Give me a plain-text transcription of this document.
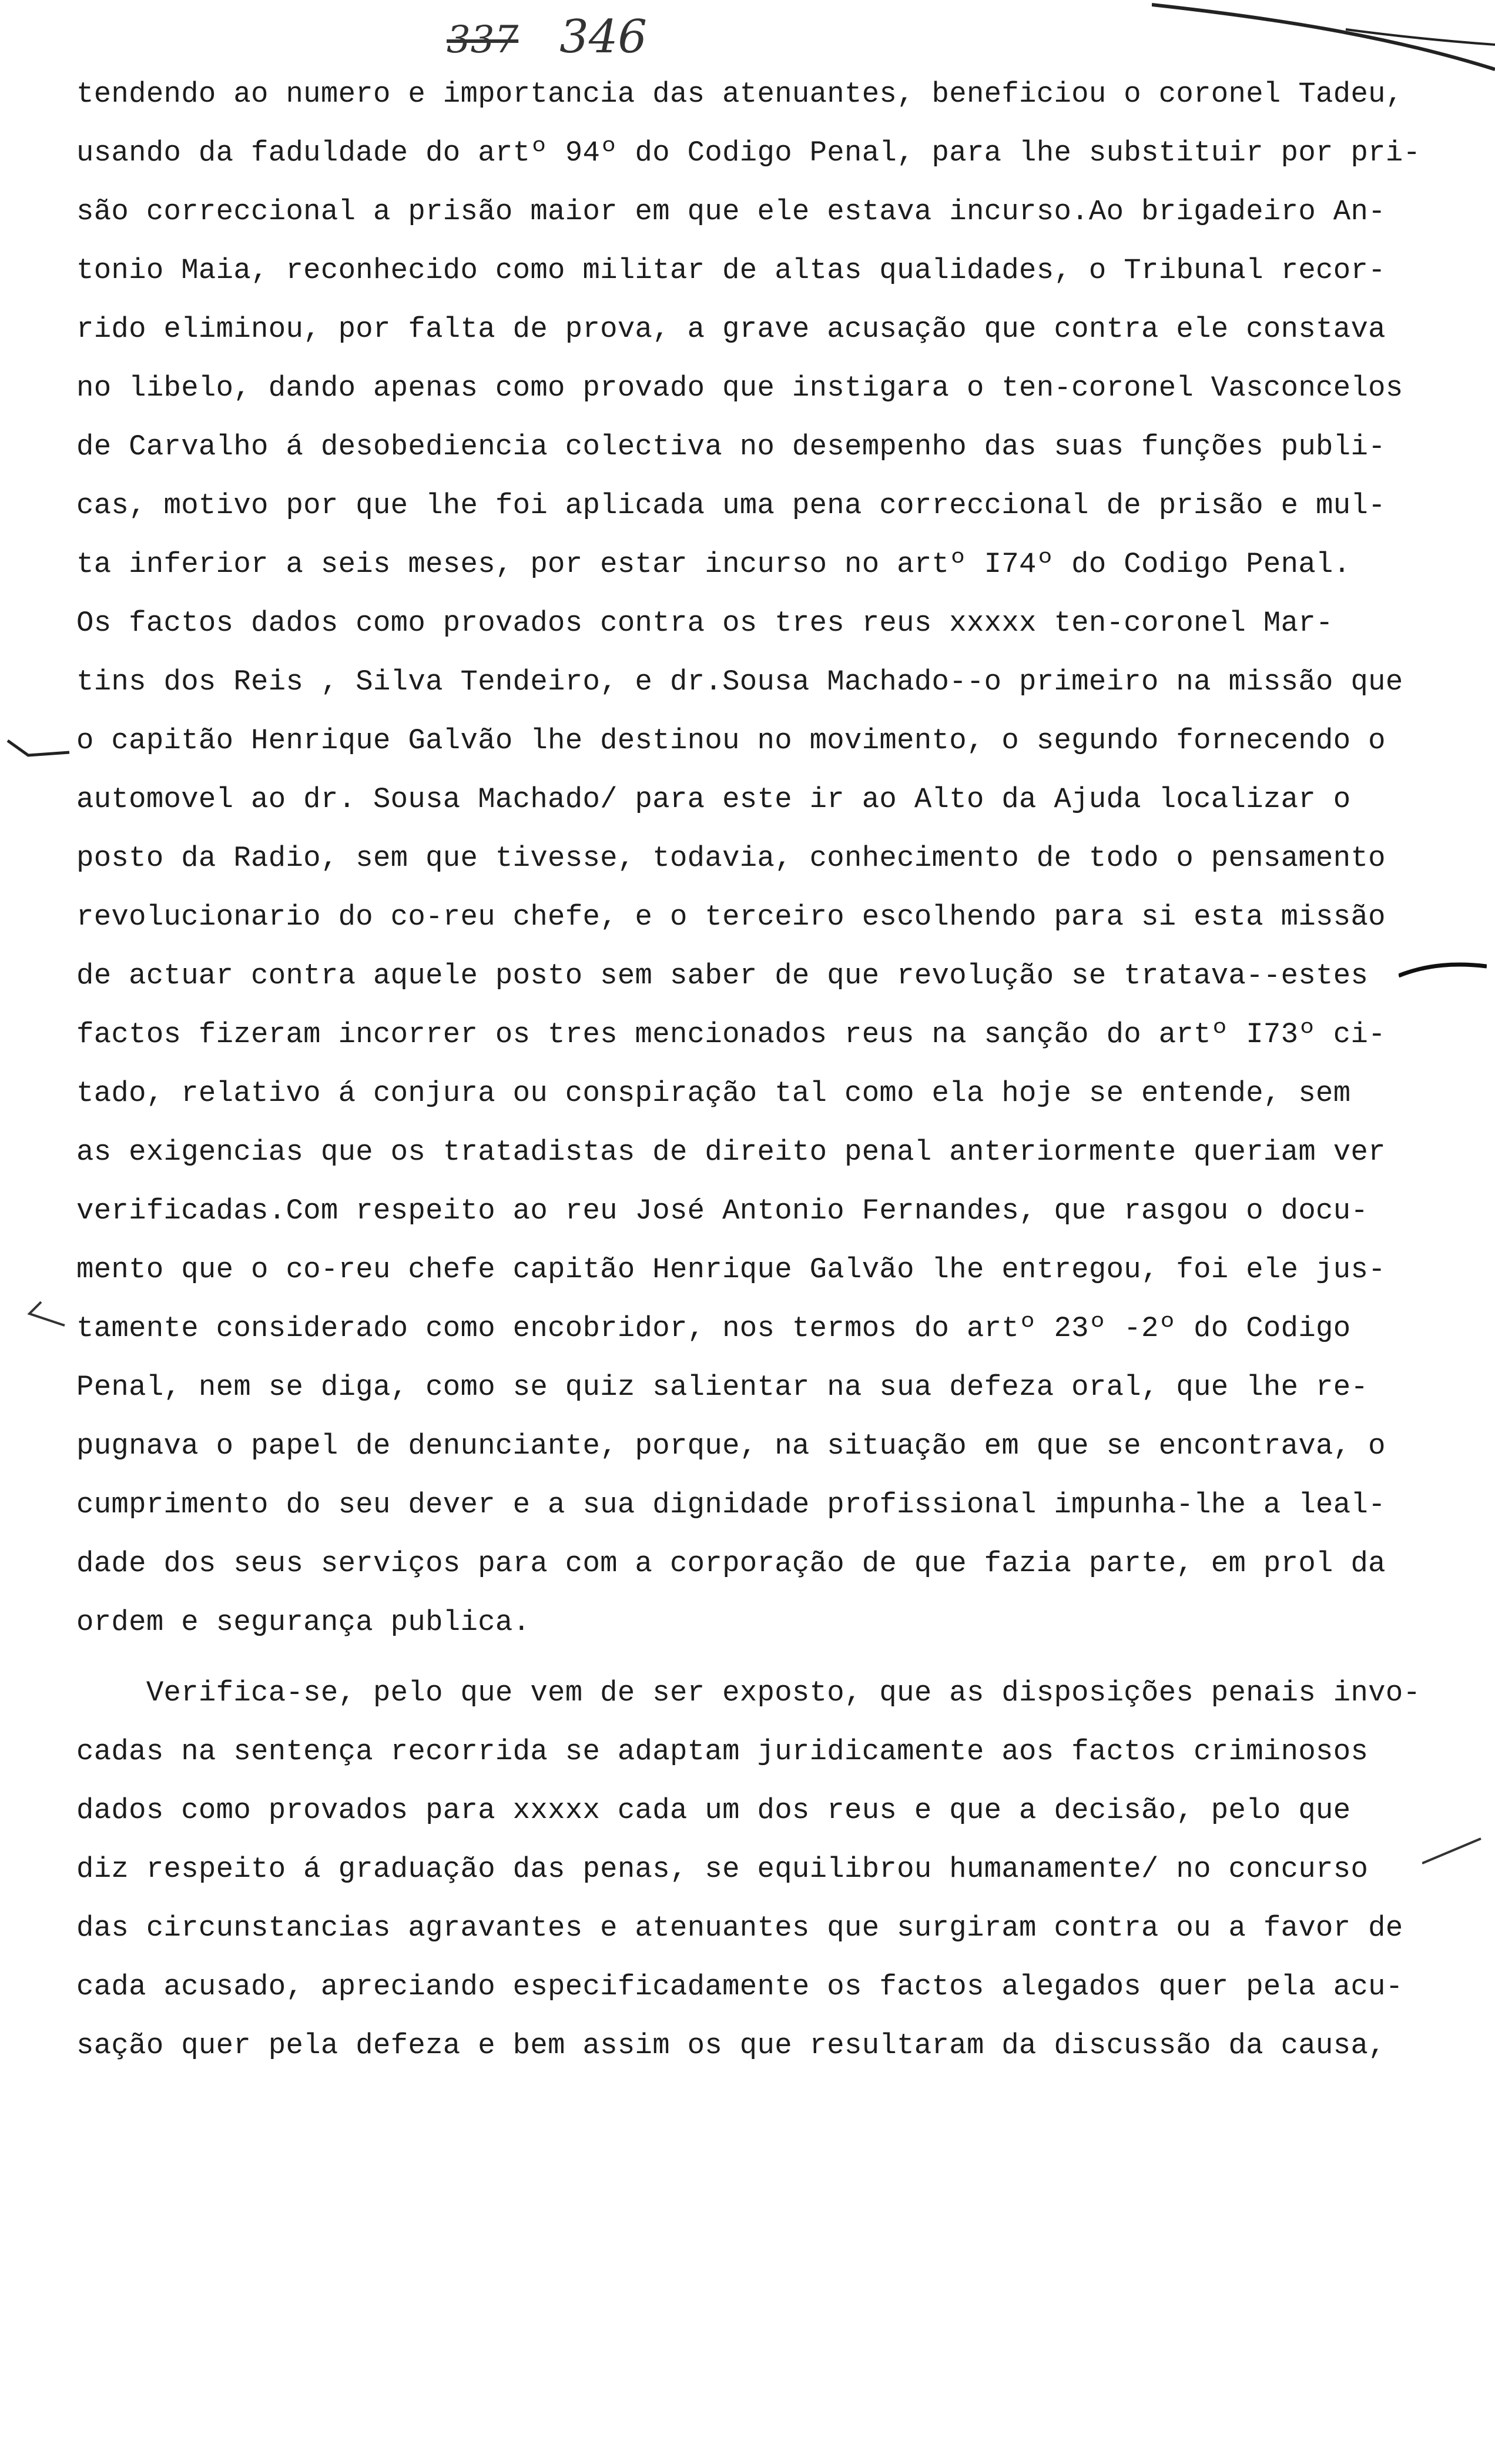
337 346
tendendo ao numero e importancia das atenuantes, beneficiou o coronel Tadeu,
usando da faduldade do artº 94º do Codigo Penal, para lhe substituir por pri-
são correccional a prisão maior em que ele estava incurso.Ao brigadeiro An-
tonio Maia, reconhecido como militar de altas qualidades, o Tribunal recor-
rido eliminou, por falta de prova, a grave acusação que contra ele constava
no libelo, dando apenas como provado que instigara o ten-coronel Vasconcelos
de Carvalho á desobediencia colectiva no desempenho das suas funções publi-
cas, motivo por que lhe foi aplicada uma pena correccional de prisão e mul-
ta inferior a seis meses, por estar incurso no artº I74º do Codigo Penal.
Os factos dados como provados contra os tres reus xxxxx ten-coronel Mar-
tins dos Reis , Silva Tendeiro, e dr.Sousa Machado--o primeiro na missão que
o capitão Henrique Galvão lhe destinou no movimento, o segundo fornecendo o
automovel ao dr. Sousa Machado/ para este ir ao Alto da Ajuda localizar o
posto da Radio, sem que tivesse, todavia, conhecimento de todo o pensamento
revolucionario do co-reu chefe, e o terceiro escolhendo para si esta missão
de actuar contra aquele posto sem saber de que revolução se tratava--estes
factos fizeram incorrer os tres mencionados reus na sanção do artº I73º ci-
tado, relativo á conjura ou conspiração tal como ela hoje se entende, sem
as exigencias que os tratadistas de direito penal anteriormente queriam ver
verificadas.Com respeito ao reu José Antonio Fernandes, que rasgou o docu-
mento que o co-reu chefe capitão Henrique Galvão lhe entregou, foi ele jus-
tamente considerado como encobridor, nos termos do artº 23º -2º do Codigo
Penal, nem se diga, como se quiz salientar na sua defeza oral, que lhe re-
pugnava o papel de denunciante, porque, na situação em que se encontrava, o
cumprimento do seu dever e a sua dignidade profissional impunha-lhe a leal-
dade dos seus serviços para com a corporação de que fazia parte, em prol da
ordem e segurança publica.
Verifica-se, pelo que vem de ser exposto, que as disposições penais invo-
cadas na sentença recorrida se adaptam juridicamente aos factos criminosos
dados como provados para xxxxx cada um dos reus e que a decisão, pelo que
diz respeito á graduação das penas, se equilibrou humanamente/ no concurso
das circunstancias agravantes e atenuantes que surgiram contra ou a favor de
cada acusado, apreciando especificadamente os factos alegados quer pela acu-
sação quer pela defeza e bem assim os que resultaram da discussão da causa,
